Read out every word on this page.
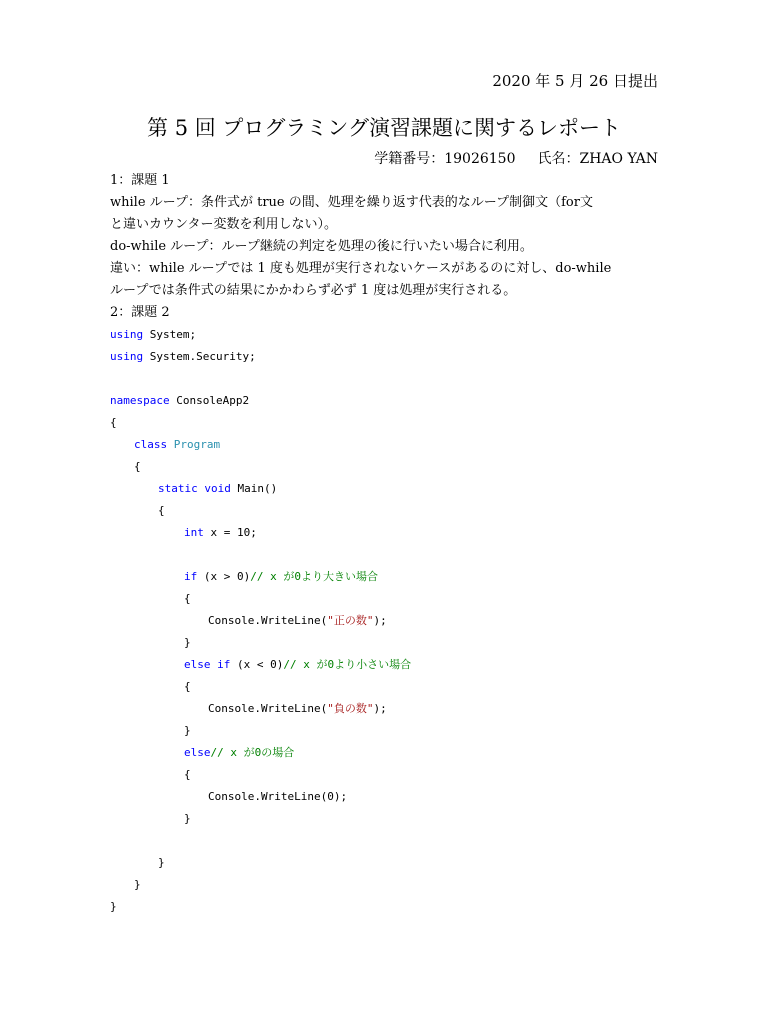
2020 年 5 月 26 日提出
第 5 回 プログラミング演習課題に関するレポート
学籍番号：19026150 氏名：ZHAO YAN
1：課題 1
while ループ：条件式が true の間、処理を繰り返す代表的なループ制御文（for文
と違いカウンター変数を利用しない）。
do-while ループ：ループ継続の判定を処理の後に行いたい場合に利用。
違い：while ループでは 1 度も処理が実行されないケースがあるのに対し、do-while
ループでは条件式の結果にかかわらず必ず 1 度は処理が実行される。
2：課題 2
using System;
using System.Security;
namespace ConsoleApp2
{
class Program
{
static void Main()
{
int x = 10;
if (x > 0)// x が0より大きい場合
{
Console.WriteLine("正の数");
}
else if (x < 0)// x が0より小さい場合
{
Console.WriteLine("負の数");
}
else// x が0の場合
{
Console.WriteLine(0);
}
}
}
}
